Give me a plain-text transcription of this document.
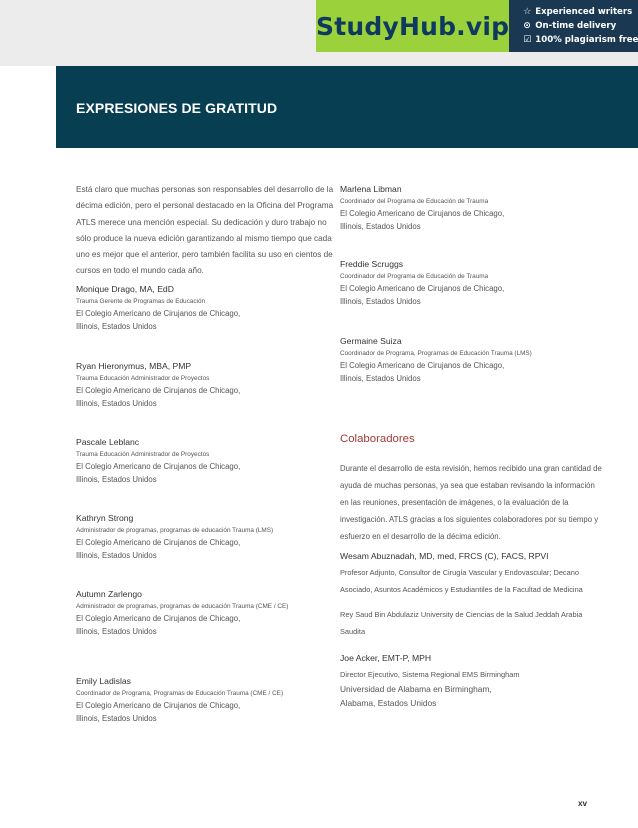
StudyHub.vip ☆ Experienced writers
⊙ On-time delivery
☑ 100% plagiarism free
EXPRESIONES DE GRATITUD

Está claro que muchas personas son responsables del desarrollo de la décima edición, pero el personal destacado en la Oficina del Programa ATLS merece una mención especial. Su dedicación y duro trabajo no sólo produce la nueva edición garantizando al mismo tiempo que cada uno es mejor que el anterior, pero también facilita su uso en cientos de cursos en todo el mundo cada año.

Monique Drago, MA, EdD
Trauma Gerente de Programas de Educación
El Colegio Americano de Cirujanos de Chicago,
Illinois, Estados Unidos
Ryan Hieronymus, MBA, PMP
Trauma Educación Administrador de Proyectos
El Colegio Americano de Cirujanos de Chicago,
Illinois, Estados Unidos
Pascale Leblanc
Trauma Educación Administrador de Proyectos
El Colegio Americano de Cirujanos de Chicago,
Illinois, Estados Unidos
Kathryn Strong
Administrador de programas, programas de educación Trauma (LMS)
El Colegio Americano de Cirujanos de Chicago,
Illinois, Estados Unidos
Autumn Zarlengo
Administrador de programas, programas de educación Trauma (CME / CE)
El Colegio Americano de Cirujanos de Chicago,
Illinois, Estados Unidos
Emily Ladislas
Coordinador de Programa, Programas de Educación Trauma (CME / CE)
El Colegio Americano de Cirujanos de Chicago,
Illinois, Estados Unidos
Marlena Libman
Coordinador del Programa de Educación de Trauma
El Colegio Americano de Cirujanos de Chicago,
Illinois, Estados Unidos
Freddie Scruggs
Coordinador del Programa de Educación de Trauma
El Colegio Americano de Cirujanos de Chicago,
Illinois, Estados Unidos
Germaine Suiza
Coordinador de Programa, Programas de Educación Trauma (LMS)
El Colegio Americano de Cirujanos de Chicago,
Illinois, Estados Unidos
Colaboradores

Durante el desarrollo de esta revisión, hemos recibido una gran cantidad de ayuda de muchas personas, ya sea que estaban revisando la información en las reuniones, presentación de imágenes, o la evaluación de la investigación. ATLS gracias a los siguientes colaboradores por su tiempo y esfuerzo en el desarrollo de la décima edición.

Wesam Abuznadah, MD, med, FRCS (C), FACS, RPVI
Profesor Adjunto, Consultor de Cirugía Vascular y Endovascular; Decano Asociado, Asuntos Académicos y Estudiantiles de la Facultad de Medicina
Rey Saud Bin Abdulaziz University de Ciencias de la Salud Jeddah Arabia Saudita
Joe Acker, EMT-P, MPH
Director Ejecutivo, Sistema Regional EMS Birmingham
Universidad de Alabama en Birmingham,
Alabama, Estados Unidos
xv
